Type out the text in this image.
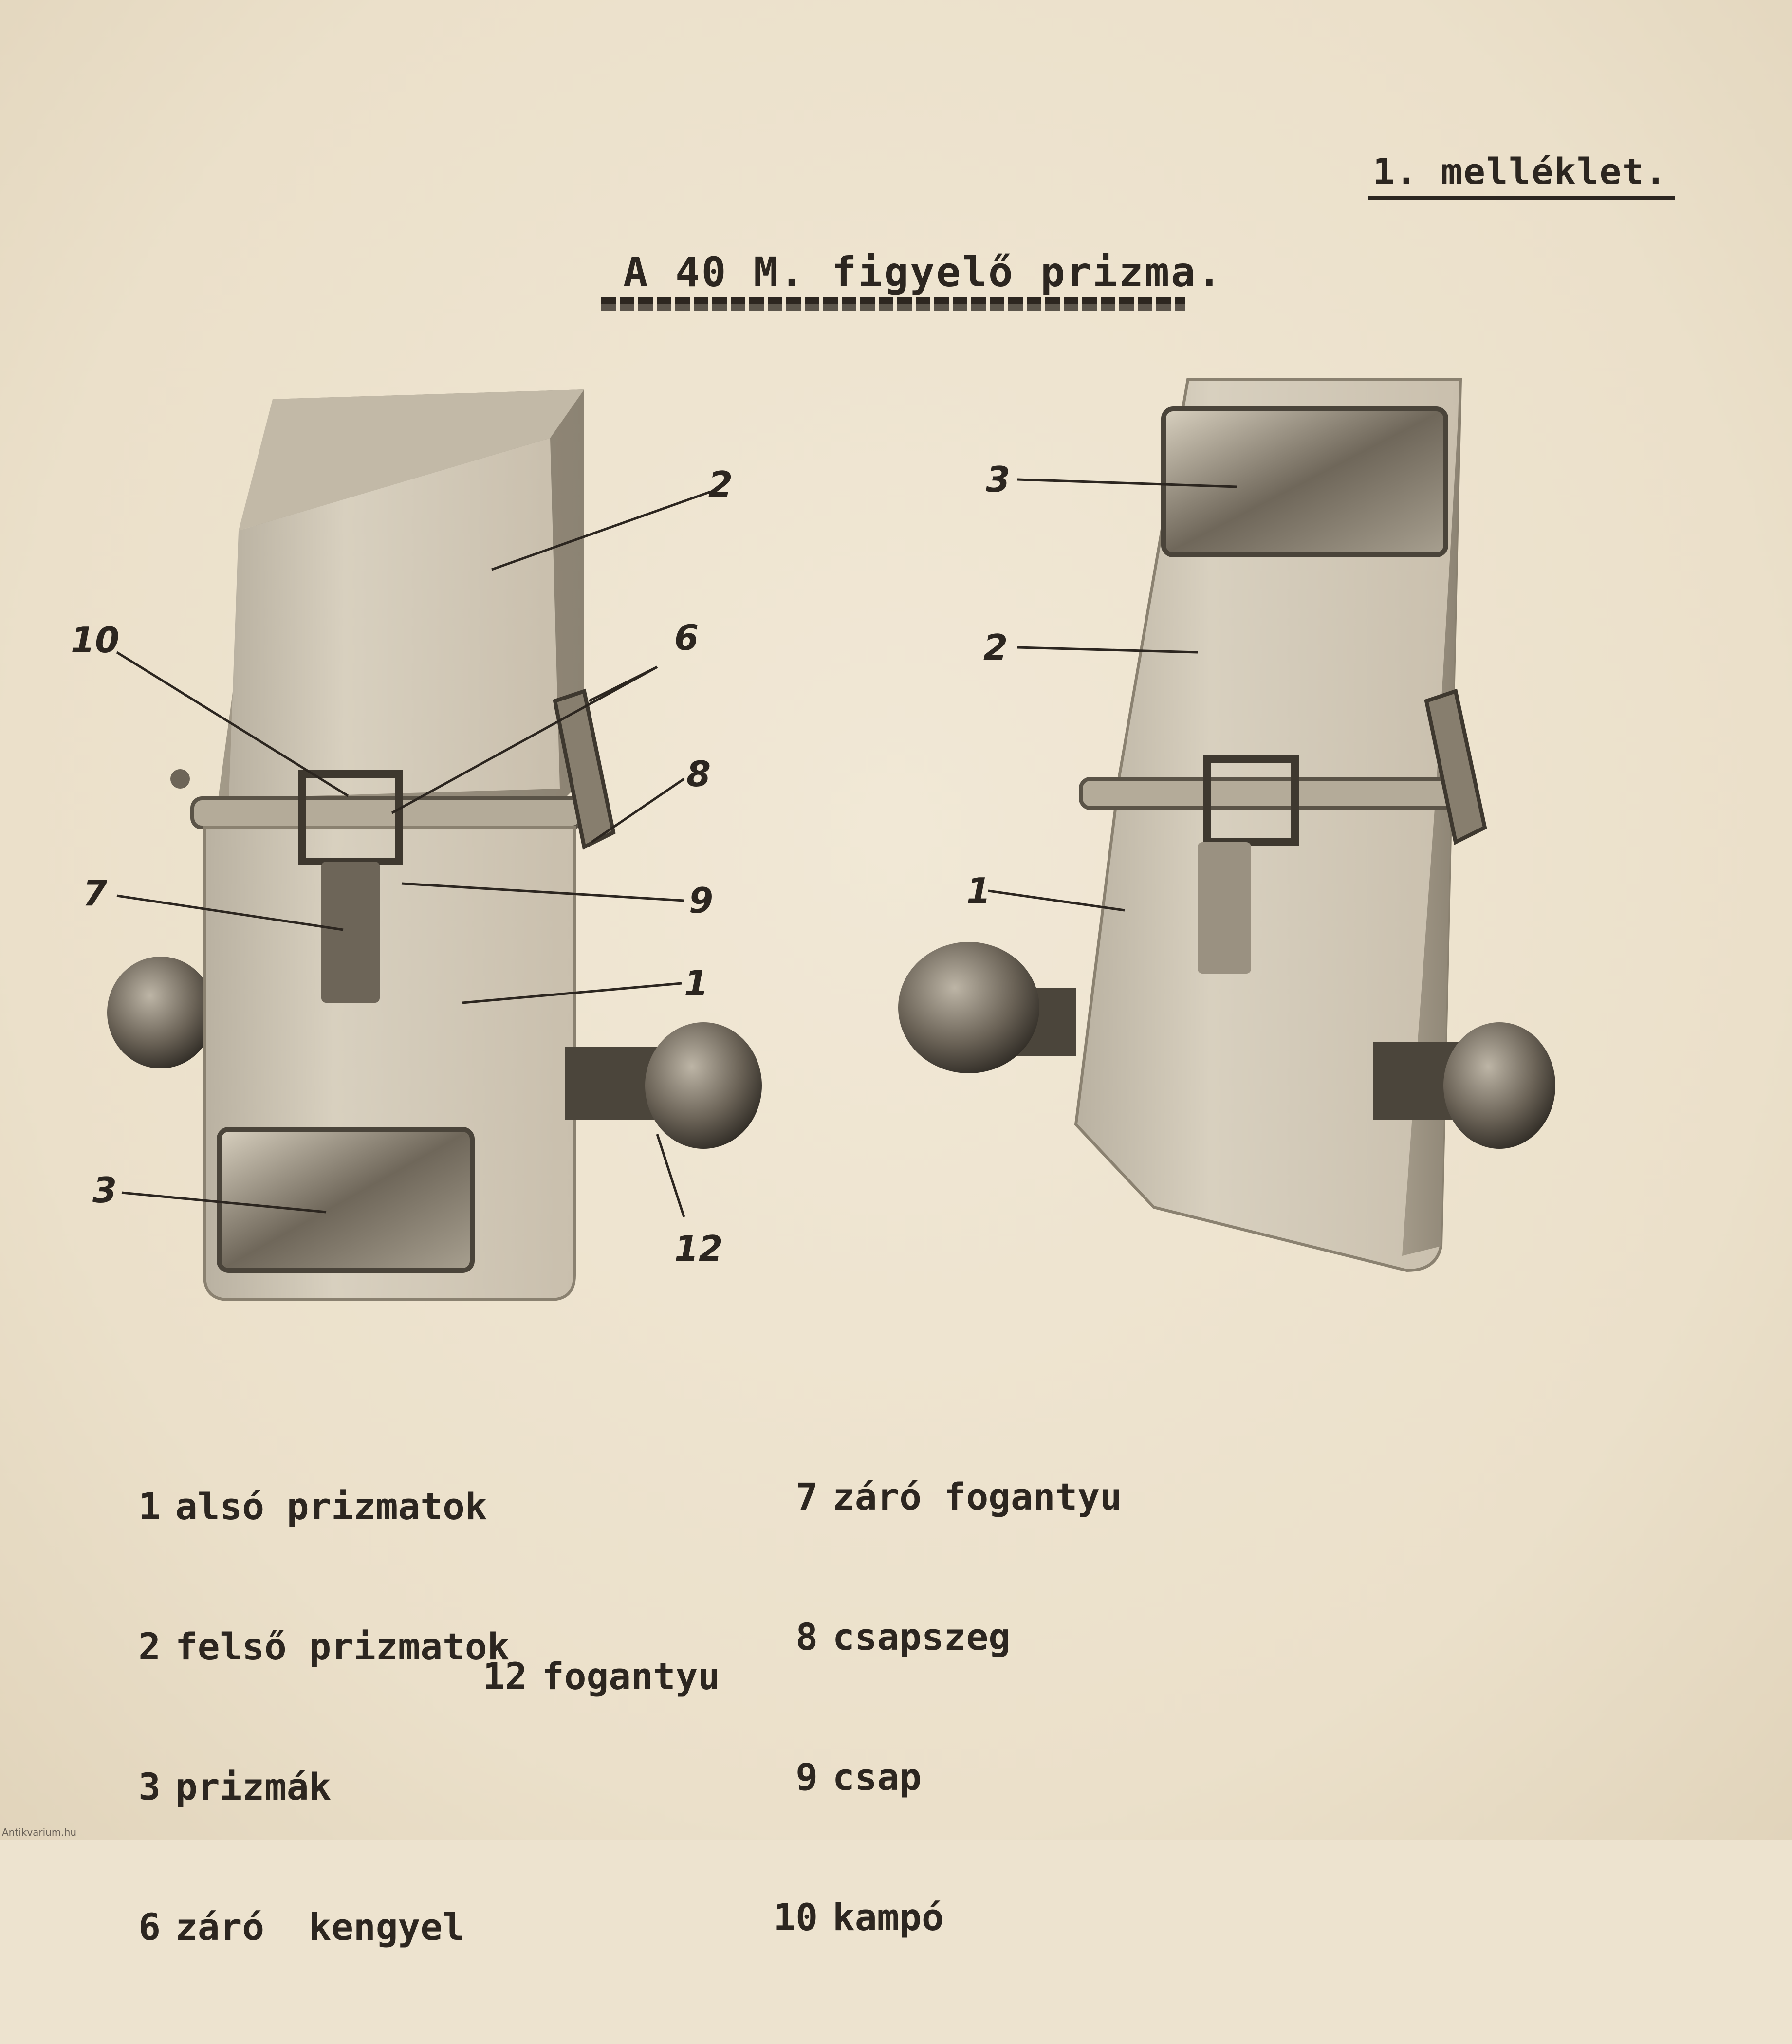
1. melléklet.
A 40 M. figyelő prizma.
2
10	6
8
7	9
1
3
12
3
2
1

1 alsó prizmatok

2 felső prizmatok

3 prizmák

6 záró  kengyel

7 záró fogantyu

8 csapszeg

9 csap

10 kampó

12 fogantyu

Antikvarium.hu
